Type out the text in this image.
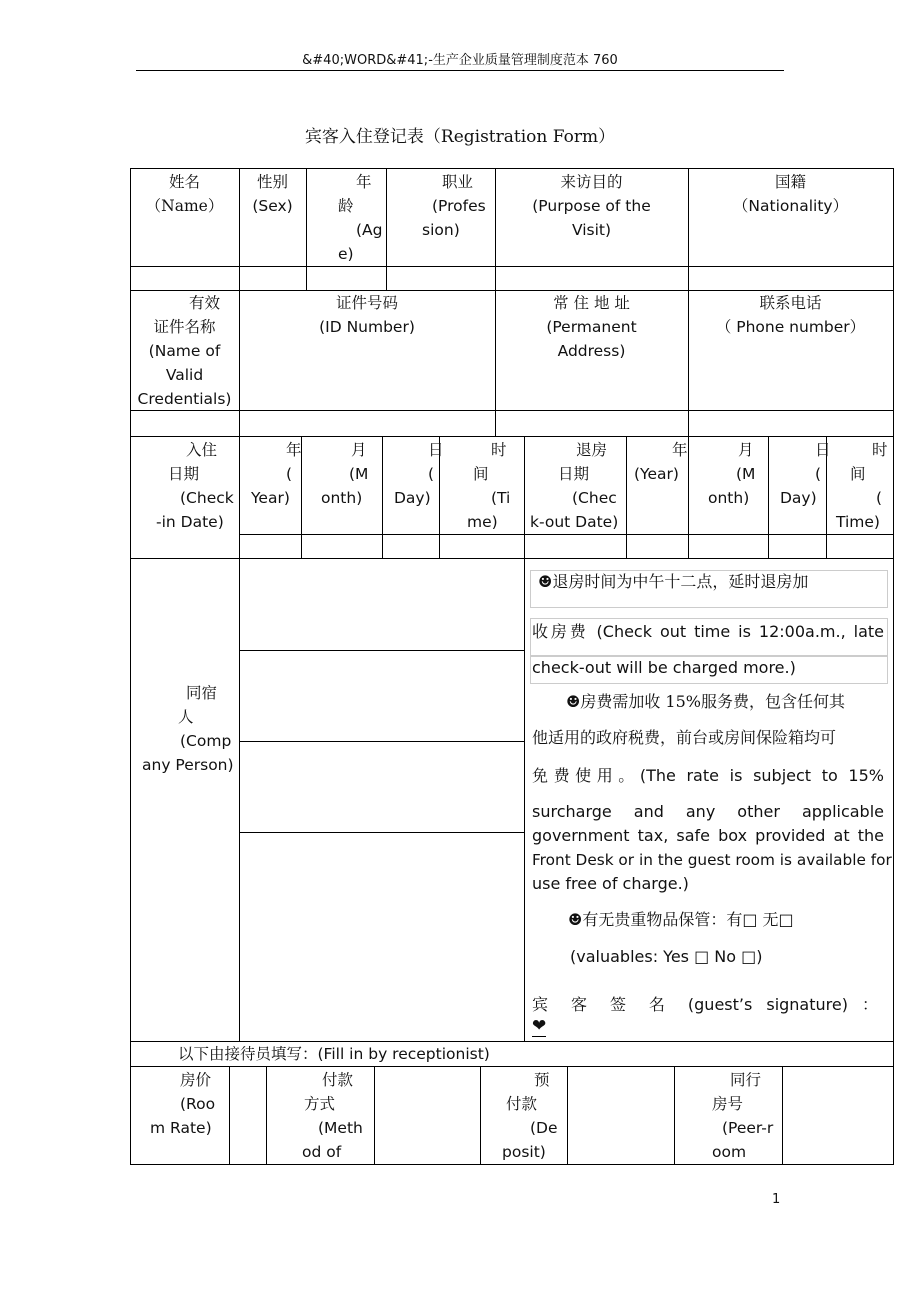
&#40;WORD&#41;-生产企业质量管理制度范本 760
宾客入住登记表（Registration Form）
姓名
（Name）
性别
(Sex)
年
龄
(Ag
e)
职业
(Profes
sion)
来访目的
(Purpose of the
Visit)
国籍
（Nationality）
有效
证件名称
(Name of
Valid
Credentials)
证件号码
(ID Number)
常 住 地 址
(Permanent
Address)
联系电话
（ Phone number）
入住
日期
(Check
-in Date)
年
(
Year)
月
(M
onth)
日
(
Day)
时
间
(Ti
me)
退房
日期
(Chec
k-out Date)
年
(Year)
月
(M
onth)
日
(
Day)
时
间
(
Time)
同宿
人
(Comp
any Person)
☻退房时间为中午十二点，延时退房加
收房费 (Check out time is 12:00a.m., late
check-out will be charged more.)
☻房费需加收 15%服务费，包含任何其
他适用的政府税费，前台或房间保险箱均可
免费使用。(The rate is subject to 15%
surcharge and any other applicable
government tax, safe box provided at the
Front Desk or in the guest room is available for
use free of charge.)
☻有无贵重物品保管：有□ 无□
(valuables: Yes □ No □)
宾 客 签 名 (guest’s signature) ：
❤
以下由接待员填写：(Fill in by receptionist)
房价
(Roo
m Rate)
付款
方式
(Meth
od of
预
付款
(De
posit)
同行
房号
(Peer-r
oom
1
